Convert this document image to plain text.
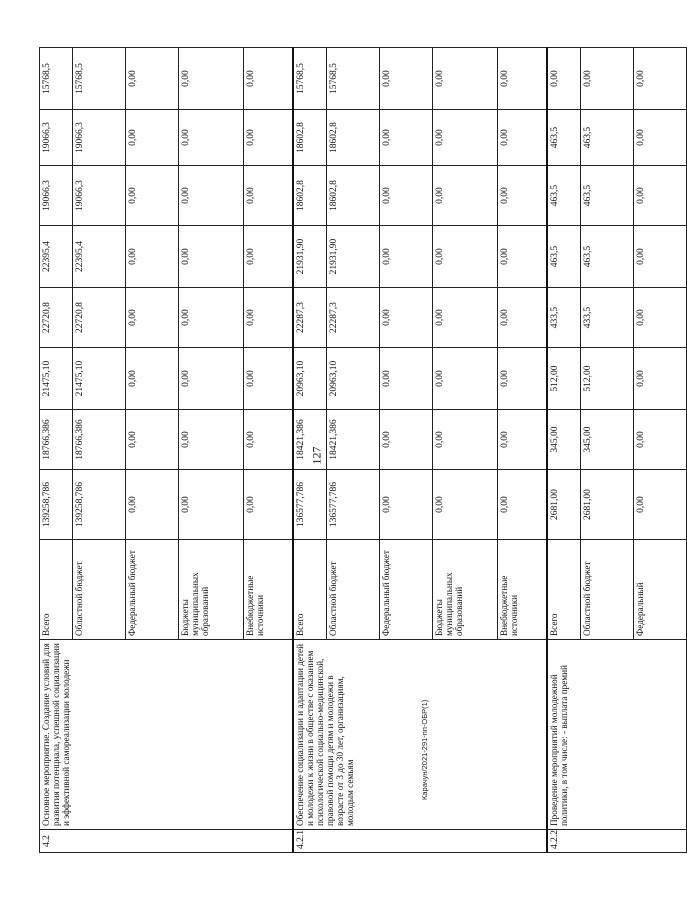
127
Карачун/2021-291-пп-ОБР(1)
4.2	Основное мероприятие. Создание условий для развития потенциала, успешной социализации и эффективной самореализации молодежи	Всего	139258,786	18766,386	21475,10	22720,8	22395,4	19066,3	19066,3	15768,5
		Областной бюджет	139258,786	18766,386	21475,10	22720,8	22395,4	19066,3	19066,3	15768,5
		Федеральный бюджет	0,00	0,00	0,00	0,00	0,00	0,00	0,00	0,00
		Бюджеты муниципальных образований	0,00	0,00	0,00	0,00	0,00	0,00	0,00	0,00
		Внебюджетные источники	0,00	0,00	0,00	0,00	0,00	0,00	0,00	0,00
4.2.1	Обеспечение социализации и адаптации детей и молодежи к жизни в обществе с оказанием психологической социально-медицинской, правовой помощи детям и молодежи в возрасте от 3 до 30 лет, организациям, молодым семьям	Всего	136577,786	18421,386	20963,10	22287,3	21931,90	18602,8	18602,8	15768,5
		Областной бюджет	136577,786	18421,386	20963,10	22287,3	21931,90	18602,8	18602,8	15768,5
		Федеральный бюджет	0,00	0,00	0,00	0,00	0,00	0,00	0,00	0,00
		Бюджеты муниципальных образований	0,00	0,00	0,00	0,00	0,00	0,00	0,00	0,00
		Внебюджетные источники	0,00	0,00	0,00	0,00	0,00	0,00	0,00	0,00
4.2.2	Проведение мероприятий молодежной политики, в том числе: - выплата премий	Всего	2681,00	345,00	512,00	433,5	463,5	463,5	463,5	0,00
		Областной бюджет	2681,00	345,00	512,00	433,5	463,5	463,5	463,5	0,00
		Федеральный	0,00	0,00	0,00	0,00	0,00	0,00	0,00	0,00
